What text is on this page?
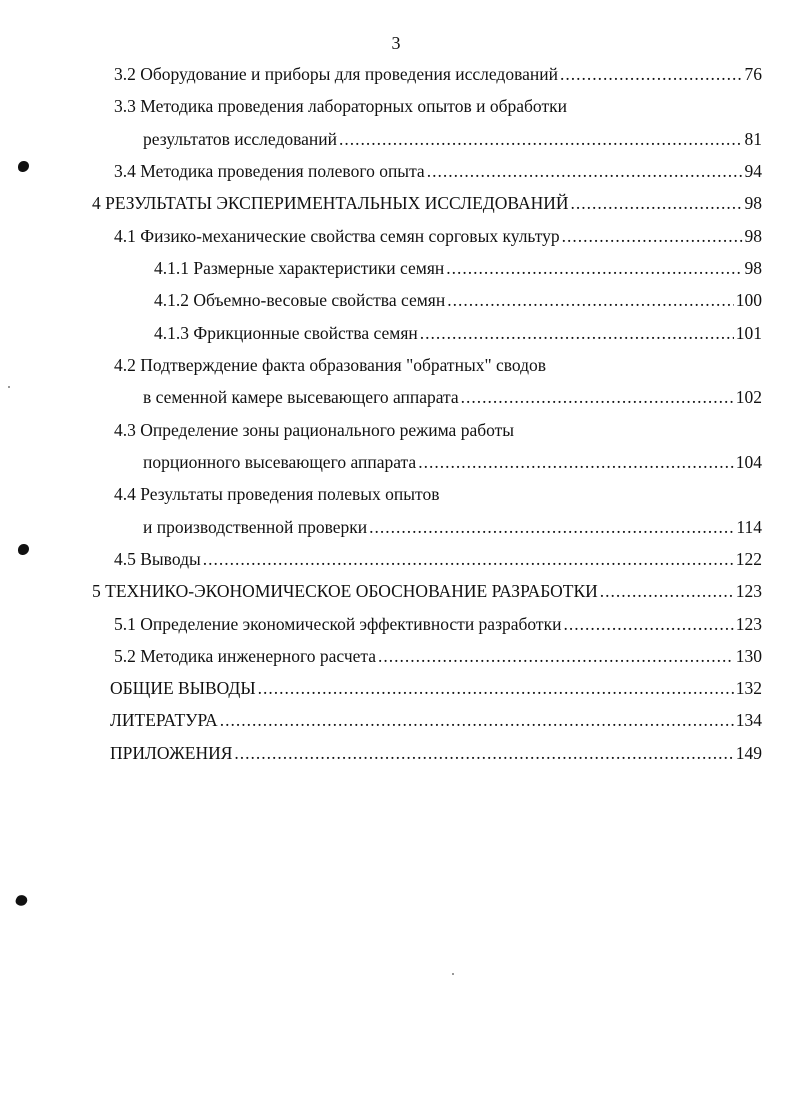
3
3.2 Оборудование и приборы для проведения исследований .....	76
3.3 Методика проведения лабораторных опытов и обработки
результатов исследований .....	81
3.4 Методика проведения полевого опыта .....	94
4 РЕЗУЛЬТАТЫ ЭКСПЕРИМЕНТАЛЬНЫХ ИССЛЕДОВАНИЙ .....	98
4.1 Физико-механические свойства семян сорговых культур .....	98
4.1.1 Размерные характеристики семян .....	98
4.1.2 Объемно-весовые свойства семян .....	100
4.1.3 Фрикционные свойства семян .....	101
4.2 Подтверждение факта образования "обратных" сводов
в семенной камере высевающего аппарата .....	102
4.3 Определение зоны рационального режима работы
порционного высевающего аппарата .....	104
4.4 Результаты проведения полевых опытов
и производственной проверки .....	114
4.5 Выводы .....	122
5 ТЕХНИКО-ЭКОНОМИЧЕСКОЕ ОБОСНОВАНИЕ РАЗРАБОТКИ .....	123
5.1 Определение экономической эффективности разработки .....	123
5.2 Методика инженерного расчета .....	130
ОБЩИЕ ВЫВОДЫ .....	132
ЛИТЕРАТУРА .....	134
ПРИЛОЖЕНИЯ .....	149
